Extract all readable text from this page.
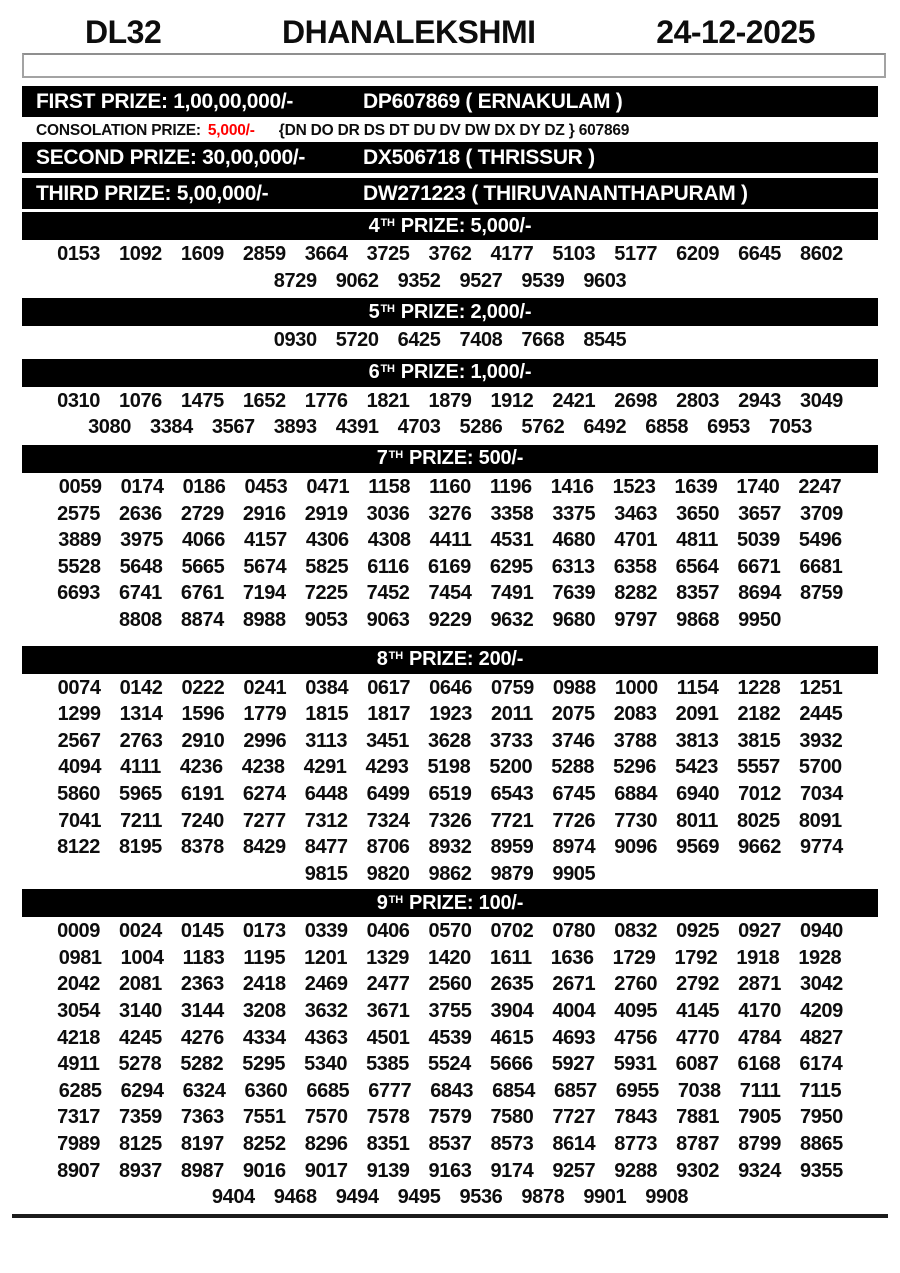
DL32	DHANALEKSHMI	24-12-2025
FIRST PRIZE: 1,00,00,000/-	DP607869 ( ERNAKULAM )
CONSOLATION PRIZE: 5,000/- {DN DO DR DS DT DU DV DW DX DY DZ } 607869
SECOND PRIZE: 30,00,000/-	DX506718 ( THRISSUR )
THIRD PRIZE: 5,00,000/-	DW271223 ( THIRUVANANTHAPURAM )
4 TH PRIZE: 5,000/-
0153 1092 1609 2859 3664 3725 3762 4177 5103 5177 6209 6645 8602
8729 9062 9352 9527 9539 9603
5 TH PRIZE: 2,000/-
0930 5720 6425 7408 7668 8545
6 TH PRIZE: 1,000/-
0310 1076 1475 1652 1776 1821 1879 1912 2421 2698 2803 2943 3049
3080 3384 3567 3893 4391 4703 5286 5762 6492 6858 6953 7053
7 TH PRIZE: 500/-
0059 0174 0186 0453 0471 1158 1160 1196 1416 1523 1639 1740 2247
2575 2636 2729 2916 2919 3036 3276 3358 3375 3463 3650 3657 3709
3889 3975 4066 4157 4306 4308 4411 4531 4680 4701 4811 5039 5496
5528 5648 5665 5674 5825 6116 6169 6295 6313 6358 6564 6671 6681
6693 6741 6761 7194 7225 7452 7454 7491 7639 8282 8357 8694 8759
8808 8874 8988 9053 9063 9229 9632 9680 9797 9868 9950
8 TH PRIZE: 200/-
0074 0142 0222 0241 0384 0617 0646 0759 0988 1000 1154 1228 1251
1299 1314 1596 1779 1815 1817 1923 2011 2075 2083 2091 2182 2445
2567 2763 2910 2996 3113 3451 3628 3733 3746 3788 3813 3815 3932
4094 4111 4236 4238 4291 4293 5198 5200 5288 5296 5423 5557 5700
5860 5965 6191 6274 6448 6499 6519 6543 6745 6884 6940 7012 7034
7041 7211 7240 7277 7312 7324 7326 7721 7726 7730 8011 8025 8091
8122 8195 8378 8429 8477 8706 8932 8959 8974 9096 9569 9662 9774
9815 9820 9862 9879 9905
9 TH PRIZE: 100/-
0009 0024 0145 0173 0339 0406 0570 0702 0780 0832 0925 0927 0940
0981 1004 1183 1195 1201 1329 1420 1611 1636 1729 1792 1918 1928
2042 2081 2363 2418 2469 2477 2560 2635 2671 2760 2792 2871 3042
3054 3140 3144 3208 3632 3671 3755 3904 4004 4095 4145 4170 4209
4218 4245 4276 4334 4363 4501 4539 4615 4693 4756 4770 4784 4827
4911 5278 5282 5295 5340 5385 5524 5666 5927 5931 6087 6168 6174
6285 6294 6324 6360 6685 6777 6843 6854 6857 6955 7038 7111 7115
7317 7359 7363 7551 7570 7578 7579 7580 7727 7843 7881 7905 7950
7989 8125 8197 8252 8296 8351 8537 8573 8614 8773 8787 8799 8865
8907 8937 8987 9016 9017 9139 9163 9174 9257 9288 9302 9324 9355
9404 9468 9494 9495 9536 9878 9901 9908
